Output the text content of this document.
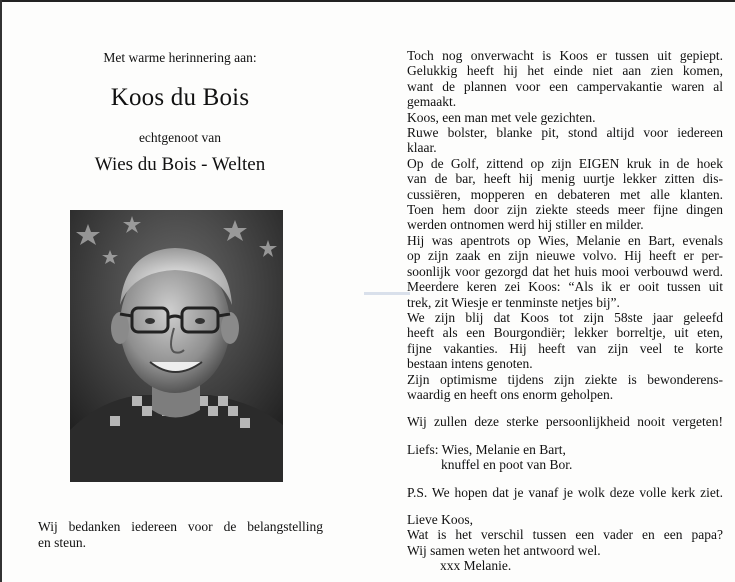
Met warme herinnering aan:
Koos du Bois
echtgenoot van
Wies du Bois - Welten
Wij bedanken iedereen voor de belangstelling
en steun.
Toch nog onverwacht is Koos er tussen uit gepiept.
Gelukkig heeft hij het einde niet aan zien komen,
want de plannen voor een campervakantie waren al
gemaakt.
Koos, een man met vele gezichten.
Ruwe bolster, blanke pit, stond altijd voor iedereen
klaar.
Op de Golf, zittend op zijn EIGEN kruk in de hoek
van de bar, heeft hij menig uurtje lekker zitten dis-
cussiëren, mopperen en debateren met alle klanten.
Toen hem door zijn ziekte steeds meer fijne dingen
werden ontnomen werd hij stiller en milder.
Hij was apentrots op Wies, Melanie en Bart, evenals
op zijn zaak en zijn nieuwe volvo. Hij heeft er per-
soonlijk voor gezorgd dat het huis mooi verbouwd werd.
Meerdere keren zei Koos: “Als ik er ooit tussen uit
trek, zit Wiesje er tenminste netjes bij”.
We zijn blij dat Koos tot zijn 58ste jaar geleefd
heeft als een Bourgondiër; lekker borreltje, uit eten,
fijne vakanties. Hij heeft van zijn veel te korte
bestaan intens genoten.
Zijn optimisme tijdens zijn ziekte is bewonderens-
waardig en heeft ons enorm geholpen.
Wij zullen deze sterke persoonlijkheid nooit vergeten!
Liefs: Wies, Melanie en Bart,
knuffel en poot van Bor.
P.S. We hopen dat je vanaf je wolk deze volle kerk ziet.
Lieve Koos,
Wat is het verschil tussen een vader en een papa?
Wij samen weten het antwoord wel.
xxx Melanie.
